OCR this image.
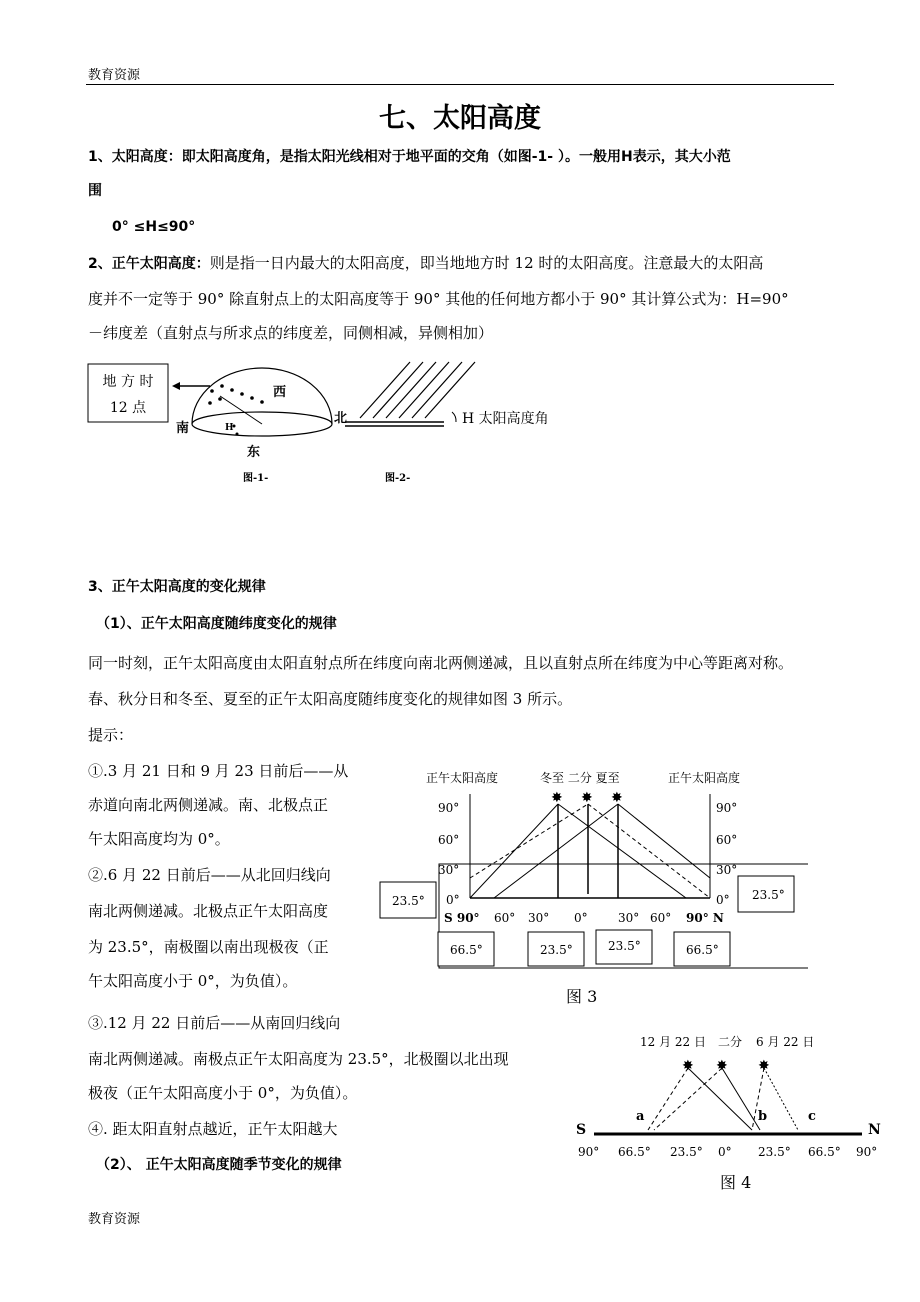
教育资源
七、太阳高度
1、太阳高度：即太阳高度角，是指太阳光线相对于地平面的交角（如图-1- ）。一般用H表示，其大小范
围
0° ≤H≤90°
2、正午太阳高度：则是指一日内最大的太阳高度，即当地地方时 12 时的太阳高度。注意最大的太阳高
度并不一定等于 90° 除直射点上的太阳高度等于 90° 其他的任何地方都小于 90° 其计算公式为：H=90°
－纬度差（直射点与所求点的纬度差，同侧相减，异侧相加）
地 方 时
12 点
西
南
北
H
东
图-1-
H 太阳高度角
图-2-
3、正午太阳高度的变化规律
（1）、正午太阳高度随纬度变化的规律
同一时刻，正午太阳高度由太阳直射点所在纬度向南北两侧递减，且以直射点所在纬度为中心等距离对称。
春、秋分日和冬至、夏至的正午太阳高度随纬度变化的规律如图 3 所示。
提示：
①.3 月 21 日和 9 月 23 日前后——从
赤道向南北两侧递减。南、北极点正
午太阳高度均为 0°。
②.6 月 22 日前后——从北回归线向
南北两侧递减。北极点正午太阳高度
为 23.5°，南极圈以南出现极夜（正
午太阳高度小于 0°，为负值）。
③.12 月 22 日前后——从南回归线向
南北两侧递减。南极点正午太阳高度为 23.5°，北极圈以北出现
极夜（正午太阳高度小于 0°，为负值）。
④. 距太阳直射点越近，正午太阳越大
（2）、 正午太阳高度随季节变化的规律
正午太阳高度	正午太阳高度
冬至 二分 夏至
90°
60°
30°
0°
90°
60°
30°
0°
✸ ✸ ✸
S 90° 60° 30° 0°	30° 60° 90° N
23.5°	23.5°
66.5°	23.5°	23.5°	66.5°
图 3
12 月 22 日 二分 6 月 22 日
✸ ✸ ✸
S	N
a	b	c
90° 66.5° 23.5° 0° 23.5° 66.5° 90°
图 4
教育资源
